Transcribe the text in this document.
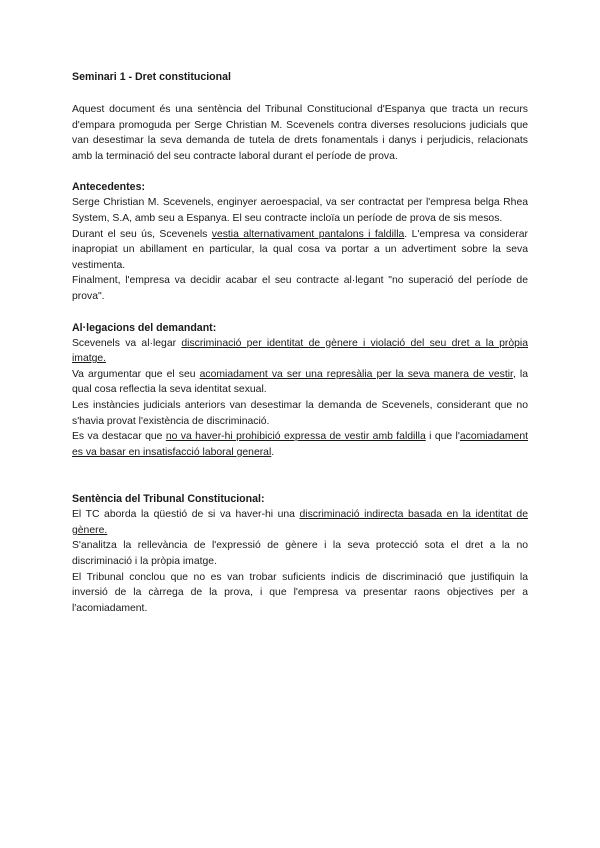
Seminari 1 - Dret constitucional

Aquest document és una sentència del Tribunal Constitucional d'Espanya que tracta un recurs d'empara promoguda per Serge Christian M. Scevenels contra diverses resolucions judicials que van desestimar la seva demanda de tutela de drets fonamentals i danys i perjudicis, relacionats amb la terminació del seu contracte laboral durant el període de prova.

Antecedentes:

Serge Christian M. Scevenels, enginyer aeroespacial, va ser contractat per l'empresa belga Rhea System, S.A, amb seu a Espanya. El seu contracte incloïa un període de prova de sis mesos.

Durant el seu ús, Scevenels vestia alternativament pantalons i faldilla. L'empresa va considerar inapropiat un abillament en particular, la qual cosa va portar a un advertiment sobre la seva vestimenta.

Finalment, l'empresa va decidir acabar el seu contracte al·legant "no superació del període de prova".

Al·legacions del demandant:

Scevenels va al·legar discriminació per identitat de gènere i violació del seu dret a la pròpia imatge.

Va argumentar que el seu acomiadament va ser una represàlia per la seva manera de vestir, la qual cosa reflectia la seva identitat sexual.

Les instàncies judicials anteriors van desestimar la demanda de Scevenels, considerant que no s'havia provat l'existència de discriminació.

Es va destacar que no va haver-hi prohibició expressa de vestir amb faldilla i que l'acomiadament es va basar en insatisfacció laboral general.

Sentència del Tribunal Constitucional:

El TC aborda la qüestió de si va haver-hi una discriminació indirecta basada en la identitat de gènere.

S'analitza la rellevància de l'expressió de gènere i la seva protecció sota el dret a la no discriminació i la pròpia imatge.

El Tribunal conclou que no es van trobar suficients indicis de discriminació que justifiquin la inversió de la càrrega de la prova, i que l'empresa va presentar raons objectives per a l'acomiadament.
